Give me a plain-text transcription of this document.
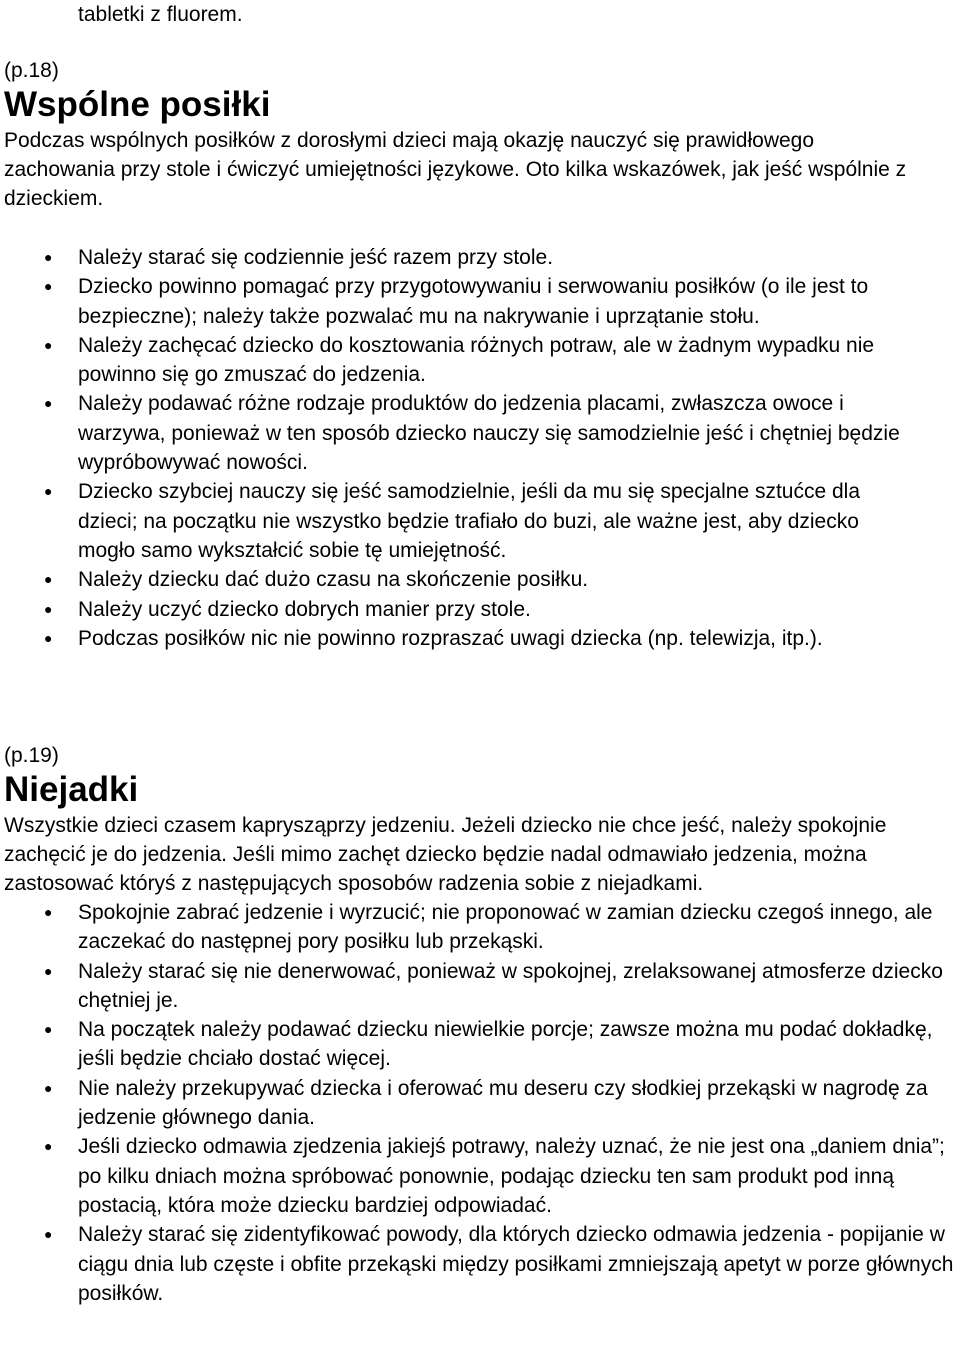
tabletki z fluorem.

(p.18)

Wspólne posiłki

Podczas wspólnych posiłków z dorosłymi dzieci mają okazję nauczyć się prawidłowego zachowania przy stole i ćwiczyć umiejętności językowe. Oto kilka wskazówek, jak jeść wspólnie z dzieckiem.

● Należy starać się codziennie jeść razem przy stole.
● Dziecko powinno pomagać przy przygotowywaniu i serwowaniu posiłków (o ile jest to bezpieczne); należy także pozwalać mu na nakrywanie i uprzątanie stołu.
● Należy zachęcać dziecko do kosztowania różnych potraw, ale w żadnym wypadku nie powinno się go zmuszać do jedzenia.
● Należy podawać różne rodzaje produktów do jedzenia placami, zwłaszcza owoce i warzywa, ponieważ w ten sposób dziecko nauczy się samodzielnie jeść i chętniej będzie wypróbowywać nowości.
● Dziecko szybciej nauczy się jeść samodzielnie, jeśli da mu się specjalne sztućce dla dzieci; na początku nie wszystko będzie trafiało do buzi, ale ważne jest, aby dziecko mogło samo wykształcić sobie tę umiejętność.
● Należy dziecku dać dużo czasu na skończenie posiłku.
● Należy uczyć dziecko dobrych manier przy stole.
● Podczas posiłków nic nie powinno rozpraszać uwagi dziecka (np. telewizja, itp.).

(p.19)

Niejadki

Wszystkie dzieci czasem kaprysząprzy jedzeniu. Jeżeli dziecko nie chce jeść, należy spokojnie zachęcić je do jedzenia. Jeśli mimo zachęt dziecko będzie nadal odmawiało jedzenia, można zastosować któryś z następujących sposobów radzenia sobie z niejadkami.

● Spokojnie zabrać jedzenie i wyrzucić; nie proponować w zamian dziecku czegoś innego, ale zaczekać do następnej pory posiłku lub przekąski.
● Należy starać się nie denerwować, ponieważ w spokojnej, zrelaksowanej atmosferze dziecko chętniej je.
● Na początek należy podawać dziecku niewielkie porcje; zawsze można mu podać dokładkę, jeśli będzie chciało dostać więcej.
● Nie należy przekupywać dziecka i oferować mu deseru czy słodkiej przekąski w nagrodę za jedzenie głównego dania.
● Jeśli dziecko odmawia zjedzenia jakiejś potrawy, należy uznać, że nie jest ona „daniem dnia”; po kilku dniach można spróbować ponownie, podając dziecku ten sam produkt pod inną postacią, która może dziecku bardziej odpowiadać.
● Należy starać się zidentyfikować powody, dla których dziecko odmawia jedzenia - popijanie w ciągu dnia lub częste i obfite przekąski między posiłkami zmniejszają apetyt w porze głównych posiłków.
